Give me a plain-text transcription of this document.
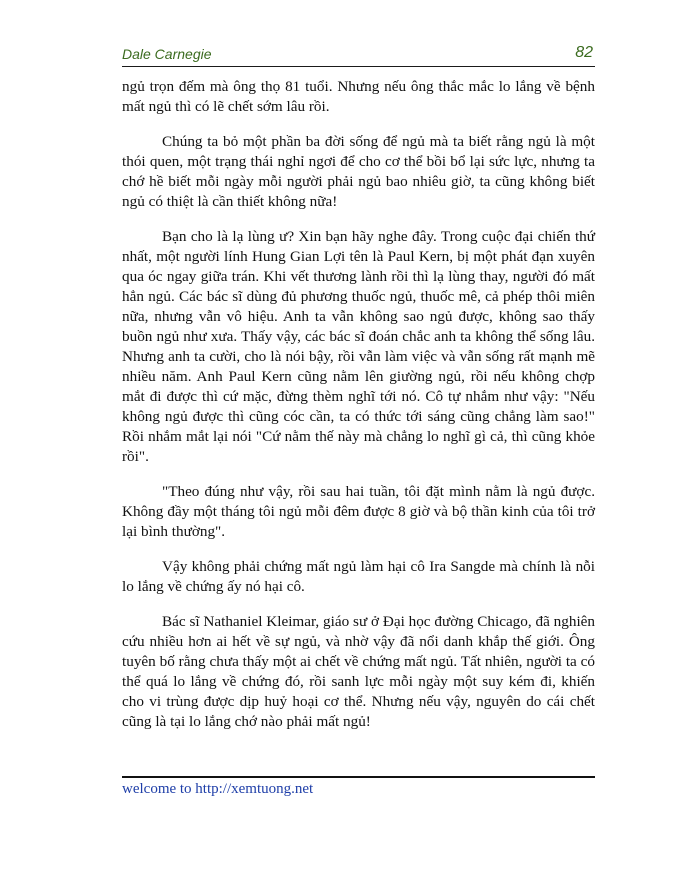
Dale Carnegie	82

ngủ trọn đếm mà ông thọ 81 tuổi. Nhưng nếu ông thắc mắc lo lắng về bệnh mất ngủ thì có lẽ chết sớm lâu rồi.

Chúng ta bỏ một phần ba đời sống để ngủ mà ta biết rằng ngủ là một thói quen, một trạng thái nghỉ ngơi để cho cơ thể bồi bổ lại sức lực, nhưng ta chớ hề biết mỗi ngày mỗi người phải ngủ bao nhiêu giờ, ta cũng không biết ngủ có thiệt là cần thiết không nữa!

Bạn cho là lạ lùng ư? Xin bạn hãy nghe đây. Trong cuộc đại chiến thứ nhất, một người lính Hung Gian Lợi tên là Paul Kern, bị một phát đạn xuyên qua óc ngay giữa trán. Khi vết thương lành rồi thì lạ lùng thay, người đó mất hẳn ngủ. Các bác sĩ dùng đủ phương thuốc ngủ, thuốc mê, cả phép thôi miên nữa, nhưng vẫn vô hiệu. Anh ta vẫn không sao ngủ được, không sao thấy buồn ngủ như xưa. Thấy vậy, các bác sĩ đoán chắc anh ta không thể sống lâu. Nhưng anh ta cười, cho là nói bậy, rồi vẫn làm việc và vẫn sống rất mạnh mẽ nhiều năm. Anh Paul Kern cũng nằm lên giường ngủ, rồi nếu không chợp mắt đi được thì cứ mặc, đừng thèm nghĩ tới nó. Cô tự nhắm như vậy: "Nếu không ngủ được thì cũng cóc cần, ta có thức tới sáng cũng chẳng làm sao!" Rồi nhắm mắt lại nói "Cứ nằm thế này mà chẳng lo nghĩ gì cả, thì cũng khỏe rồi".

"Theo đúng như vậy, rồi sau hai tuần, tôi đặt mình nằm là ngủ được. Không đầy một tháng tôi ngủ mỗi đêm được 8 giờ và bộ thần kinh của tôi trở lại bình thường".

Vậy không phải chứng mất ngủ làm hại cô Ira Sangde mà chính là nỗi lo lắng về chứng ấy nó hại cô.

Bác sĩ Nathaniel Kleimar, giáo sư ở Đại học đường Chicago, đã nghiên cứu nhiều hơn ai hết về sự ngủ, và nhờ vậy đã nổi danh khắp thế giới. Ông tuyên bố rằng chưa thấy một ai chết về chứng mất ngủ. Tất nhiên, người ta có thể quá lo lắng về chứng đó, rồi sanh lực mỗi ngày một suy kém đi, khiến cho vi trùng được dịp huỷ hoại cơ thể. Nhưng nếu vậy, nguyên do cái chết cũng là tại lo lắng chớ nào phải mất ngủ!

welcome to http://xemtuong.net
